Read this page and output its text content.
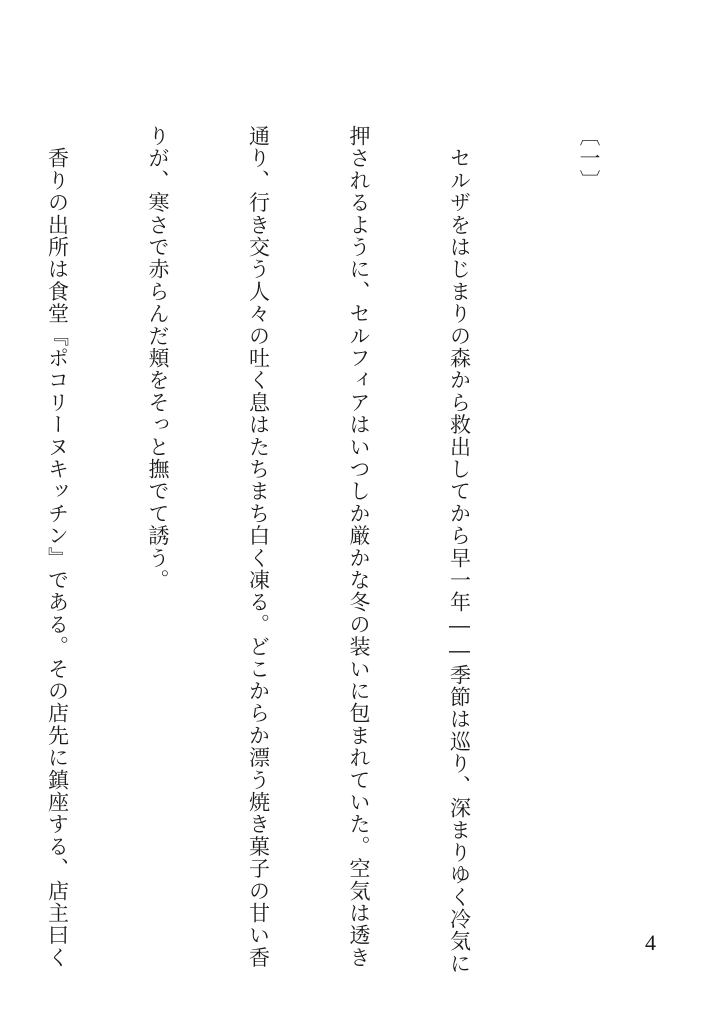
〔一〕

　セルザをはじまりの森から救出してから早一年――季節は巡り、深まりゆく冷気に

押されるように、セルフィアはいつしか厳かな冬の装いに包まれていた。空気は透き

通り、行き交う人々の吐く息はたちまち白く凍る。どこからか漂う焼き菓子の甘い香

りが、寒さで赤らんだ頬をそっと撫でて誘う。

　香りの出所は食堂『ポコリーヌキッチン』である。その店先に鎮座する、店主曰く

	4
